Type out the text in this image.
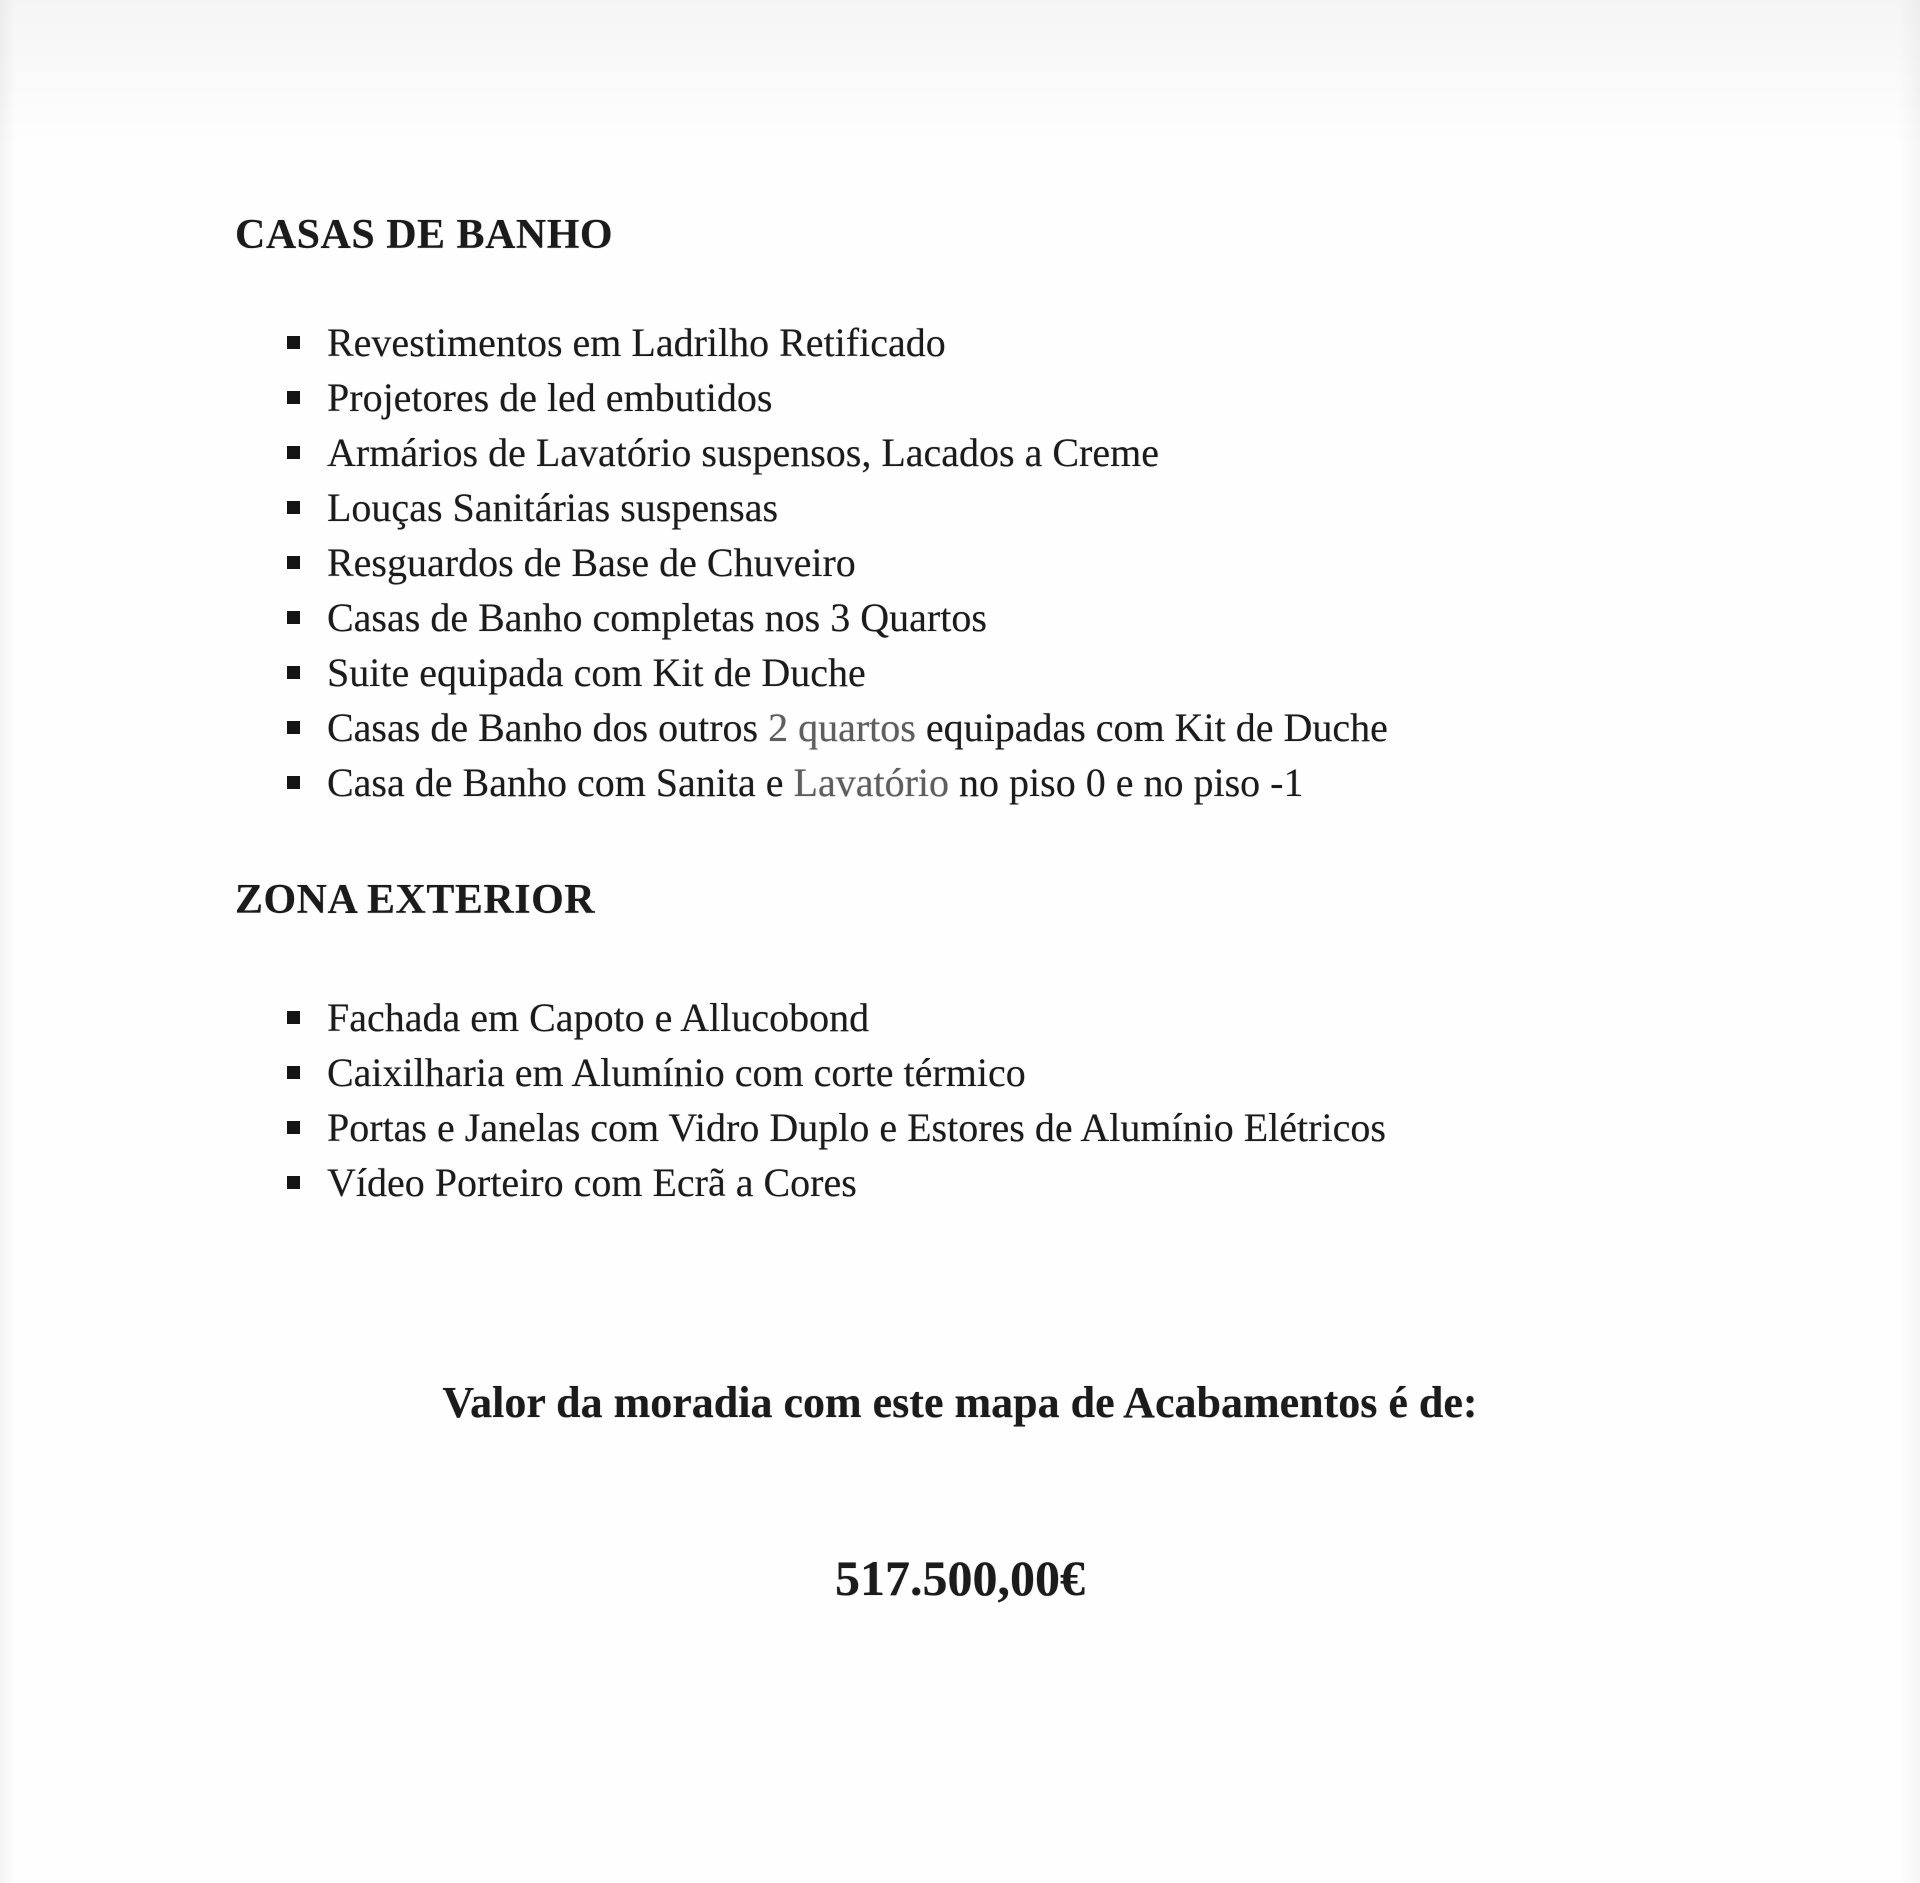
CASAS DE BANHO
Revestimentos em Ladrilho Retificado
Projetores de led embutidos
Armários de Lavatório suspensos, Lacados a Creme
Louças Sanitárias suspensas
Resguardos de Base de Chuveiro
Casas de Banho completas nos 3 Quartos
Suite equipada com Kit de Duche
Casas de Banho dos outros 2 quartos equipadas com Kit de Duche
Casa de Banho com Sanita e Lavatório no piso 0 e no piso -1
ZONA EXTERIOR
Fachada em Capoto e Allucobond
Caixilharia em Alumínio com corte térmico
Portas e Janelas com Vidro Duplo e Estores de Alumínio Elétricos
Vídeo Porteiro com Ecrã a Cores
Valor da moradia com este mapa de Acabamentos é de:
517.500,00€
